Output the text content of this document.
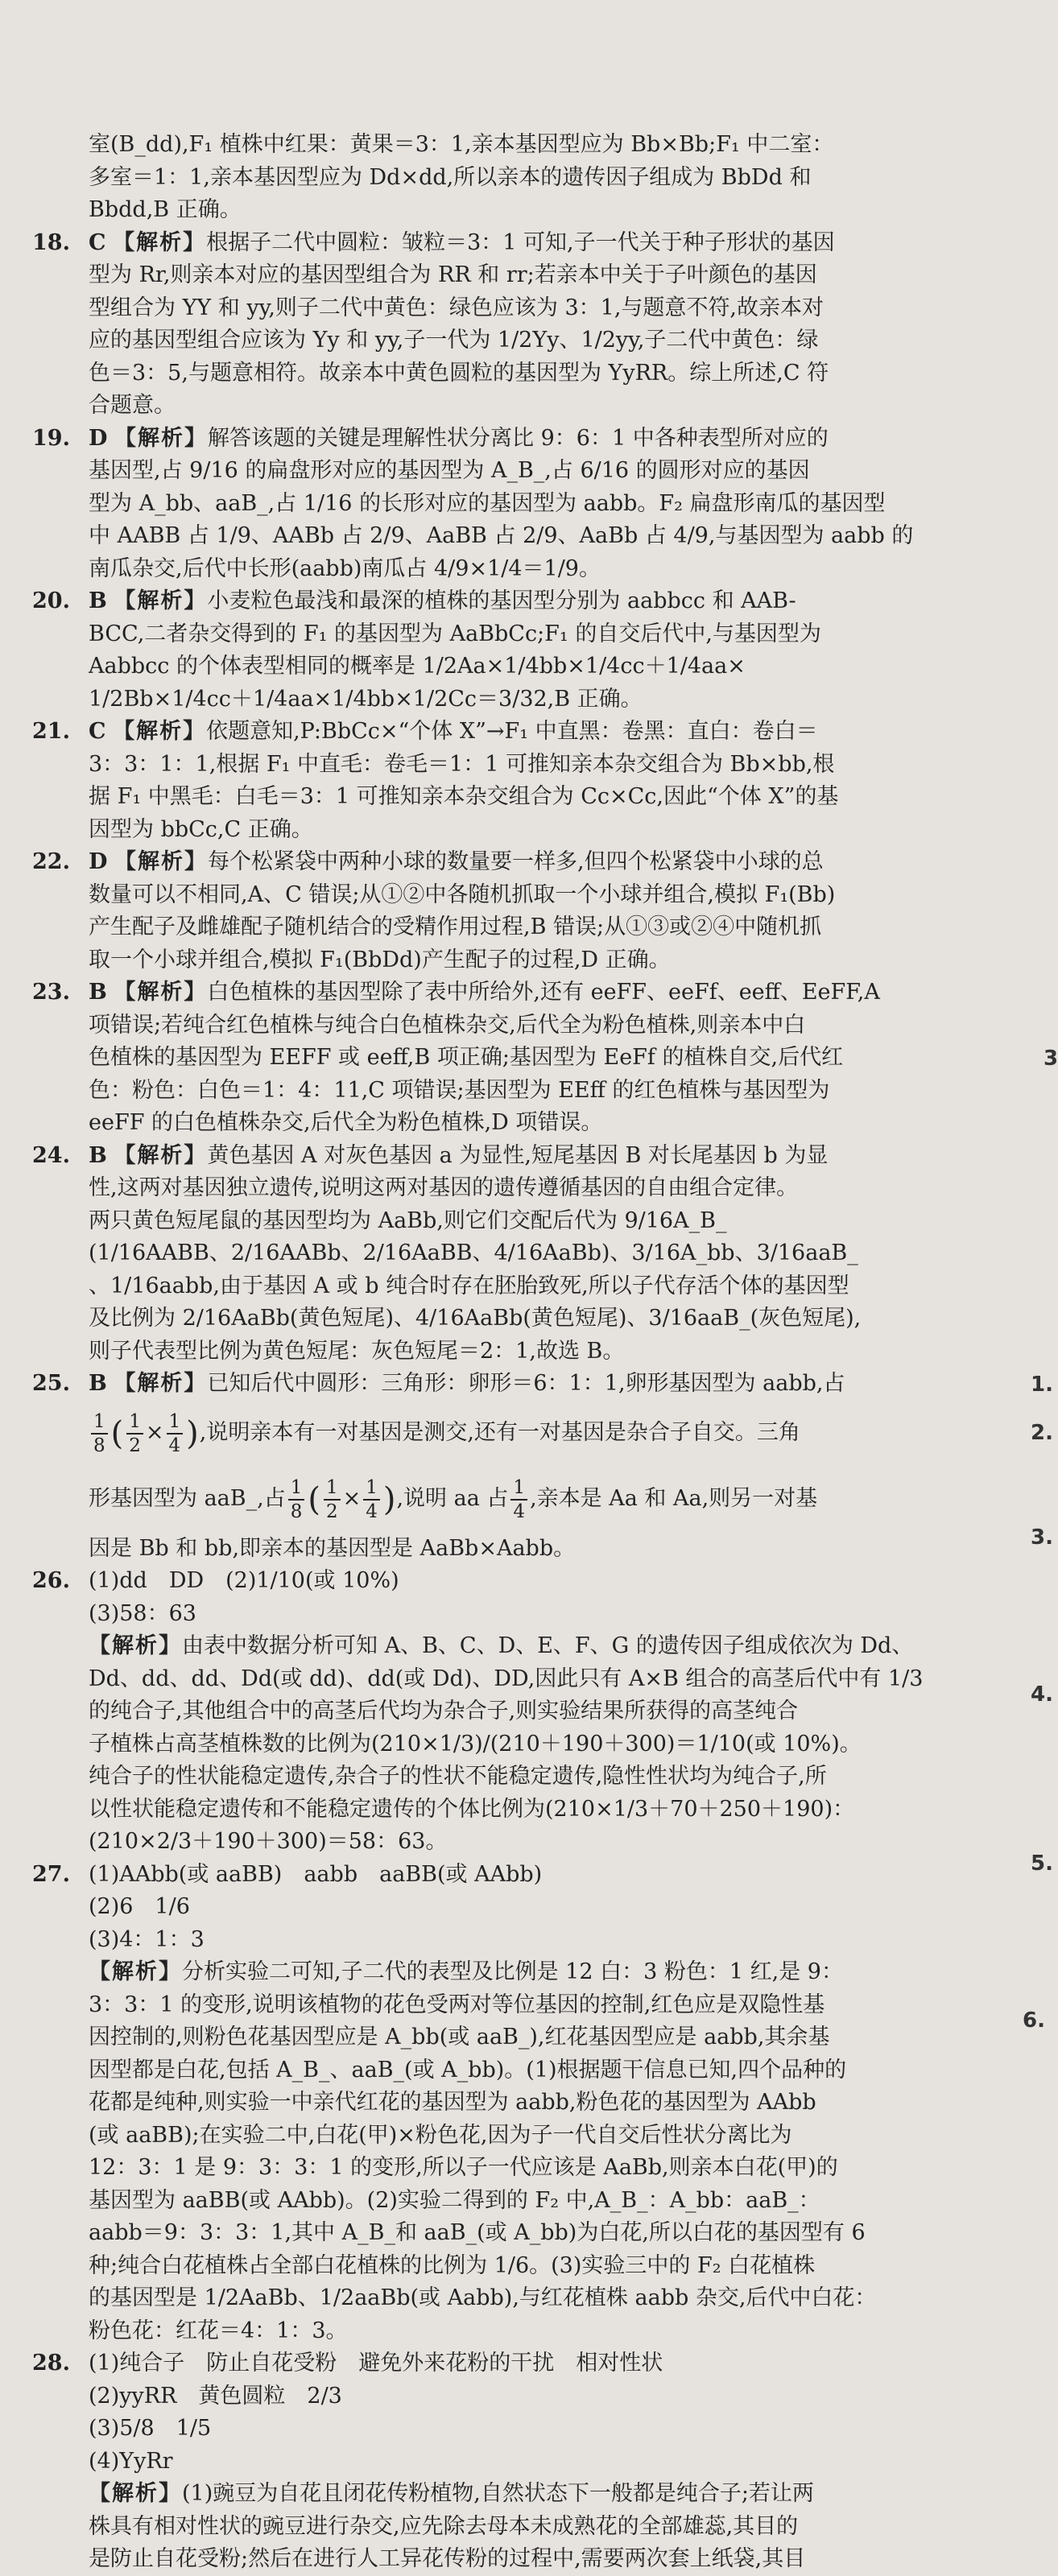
室(B_dd),F₁ 植株中红果：黄果＝3：1,亲本基因型应为 Bb×Bb;F₁ 中二室：
多室＝1：1,亲本基因型应为 Dd×dd,所以亲本的遗传因子组成为 BbDd 和
Bbdd,B 正确。
18. C 【解析】根据子二代中圆粒：皱粒＝3：1 可知,子一代关于种子形状的基因
型为 Rr,则亲本对应的基因型组合为 RR 和 rr;若亲本中关于子叶颜色的基因
型组合为 YY 和 yy,则子二代中黄色：绿色应该为 3：1,与题意不符,故亲本对
应的基因型组合应该为 Yy 和 yy,子一代为 1/2Yy、1/2yy,子二代中黄色：绿
色＝3：5,与题意相符。故亲本中黄色圆粒的基因型为 YyRR。综上所述,C 符
合题意。
19. D 【解析】解答该题的关键是理解性状分离比 9：6：1 中各种表型所对应的
基因型,占 9/16 的扁盘形对应的基因型为 A_B_,占 6/16 的圆形对应的基因
型为 A_bb、aaB_,占 1/16 的长形对应的基因型为 aabb。F₂ 扁盘形南瓜的基因型
中 AABB 占 1/9、AABb 占 2/9、AaBB 占 2/9、AaBb 占 4/9,与基因型为 aabb 的
南瓜杂交,后代中长形(aabb)南瓜占 4/9×1/4＝1/9。
20. B 【解析】小麦粒色最浅和最深的植株的基因型分别为 aabbcc 和 AAB-
BCC,二者杂交得到的 F₁ 的基因型为 AaBbCc;F₁ 的自交后代中,与基因型为
Aabbcc 的个体表型相同的概率是 1/2Aa×1/4bb×1/4cc＋1/4aa×
1/2Bb×1/4cc＋1/4aa×1/4bb×1/2Cc＝3/32,B 正确。
21. C 【解析】依题意知,P:BbCc×“个体 X”→F₁ 中直黑：卷黑：直白：卷白＝
3：3：1：1,根据 F₁ 中直毛：卷毛＝1：1 可推知亲本杂交组合为 Bb×bb,根
据 F₁ 中黑毛：白毛＝3：1 可推知亲本杂交组合为 Cc×Cc,因此“个体 X”的基
因型为 bbCc,C 正确。
22. D 【解析】每个松紧袋中两种小球的数量要一样多,但四个松紧袋中小球的总
数量可以不相同,A、C 错误;从①②中各随机抓取一个小球并组合,模拟 F₁(Bb)
产生配子及雌雄配子随机结合的受精作用过程,B 错误;从①③或②④中随机抓
取一个小球并组合,模拟 F₁(BbDd)产生配子的过程,D 正确。
23. B 【解析】白色植株的基因型除了表中所给外,还有 eeFF、eeFf、eeff、EeFF,A
项错误;若纯合红色植株与纯合白色植株杂交,后代全为粉色植株,则亲本中白
色植株的基因型为 EEFF 或 eeff,B 项正确;基因型为 EeFf 的植株自交,后代红
色：粉色：白色＝1：4：11,C 项错误;基因型为 EEff 的红色植株与基因型为
eeFF 的白色植株杂交,后代全为粉色植株,D 项错误。
24. B 【解析】黄色基因 A 对灰色基因 a 为显性,短尾基因 B 对长尾基因 b 为显
性,这两对基因独立遗传,说明这两对基因的遗传遵循基因的自由组合定律。
两只黄色短尾鼠的基因型均为 AaBb,则它们交配后代为 9/16A_B_
(1/16AABB、2/16AABb、2/16AaBB、4/16AaBb)、3/16A_bb、3/16aaB_
、1/16aabb,由于基因 A 或 b 纯合时存在胚胎致死,所以子代存活个体的基因型
及比例为 2/16AaBb(黄色短尾)、4/16AaBb(黄色短尾)、3/16aaB_(灰色短尾),
则子代表型比例为黄色短尾：灰色短尾＝2：1,故选 B。
25. B 【解析】已知后代中圆形：三角形：卵形＝6：1：1,卵形基因型为 aabb,占
$\frac{1}{8}$ ( $\frac{1}{2} \times \frac{1}{4}$ ) ,说明亲本有一对基因是测交,还有一对基因是杂合子自交。三角
形基因型为 aaB_,占 $\frac{1}{8}$ ( $\frac{1}{2} \times \frac{1}{4}$ ) ,说明 aa 占 $\frac{1}{4}$ ,亲本是 Aa 和 Aa,则另一对基
因是 Bb 和 bb,即亲本的基因型是 AaBb×Aabb。
26. (1)dd　DD　(2)1/10(或 10%)
(3)58：63
【解析】由表中数据分析可知 A、B、C、D、E、F、G 的遗传因子组成依次为 Dd、
Dd、dd、dd、Dd(或 dd)、dd(或 Dd)、DD,因此只有 A×B 组合的高茎后代中有 1/3
的纯合子,其他组合中的高茎后代均为杂合子,则实验结果所获得的高茎纯合
子植株占高茎植株数的比例为(210×1/3)/(210＋190＋300)＝1/10(或 10%)。
纯合子的性状能稳定遗传,杂合子的性状不能稳定遗传,隐性性状均为纯合子,所
以性状能稳定遗传和不能稳定遗传的个体比例为(210×1/3＋70＋250＋190)：
(210×2/3＋190＋300)＝58：63。
27. (1)AAbb(或 aaBB)　aabb　aaBB(或 AAbb)
(2)6　1/6
(3)4：1：3
【解析】分析实验二可知,子二代的表型及比例是 12 白：3 粉色：1 红,是 9：
3：3：1 的变形,说明该植物的花色受两对等位基因的控制,红色应是双隐性基
因控制的,则粉色花基因型应是 A_bb(或 aaB_),红花基因型应是 aabb,其余基
因型都是白花,包括 A_B_、aaB_(或 A_bb)。(1)根据题干信息已知,四个品种的
花都是纯种,则实验一中亲代红花的基因型为 aabb,粉色花的基因型为 AAbb
(或 aaBB);在实验二中,白花(甲)×粉色花,因为子一代自交后性状分离比为
12：3：1 是 9：3：3：1 的变形,所以子一代应该是 AaBb,则亲本白花(甲)的
基因型为 aaBB(或 AAbb)。(2)实验二得到的 F₂ 中,A_B_：A_bb：aaB_：
aabb＝9：3：3：1,其中 A_B_和 aaB_(或 A_bb)为白花,所以白花的基因型有 6
种;纯合白花植株占全部白花植株的比例为 1/6。(3)实验三中的 F₂ 白花植株
的基因型是 1/2AaBb、1/2aaBb(或 Aabb),与红花植株 aabb 杂交,后代中白花：
粉色花：红花＝4：1：3。
28. (1)纯合子　防止自花受粉　避免外来花粉的干扰　相对性状
(2)yyRR　黄色圆粒　2/3
(3)5/8　1/5
(4)YyRr
【解析】(1)豌豆为自花且闭花传粉植物,自然状态下一般都是纯合子;若让两
株具有相对性状的豌豆进行杂交,应先除去母本未成熟花的全部雄蕊,其目的
是防止自花受粉;然后在进行人工异花传粉的过程中,需要两次套上纸袋,其目
3
1.
2.
3.
4.
5.
6.
